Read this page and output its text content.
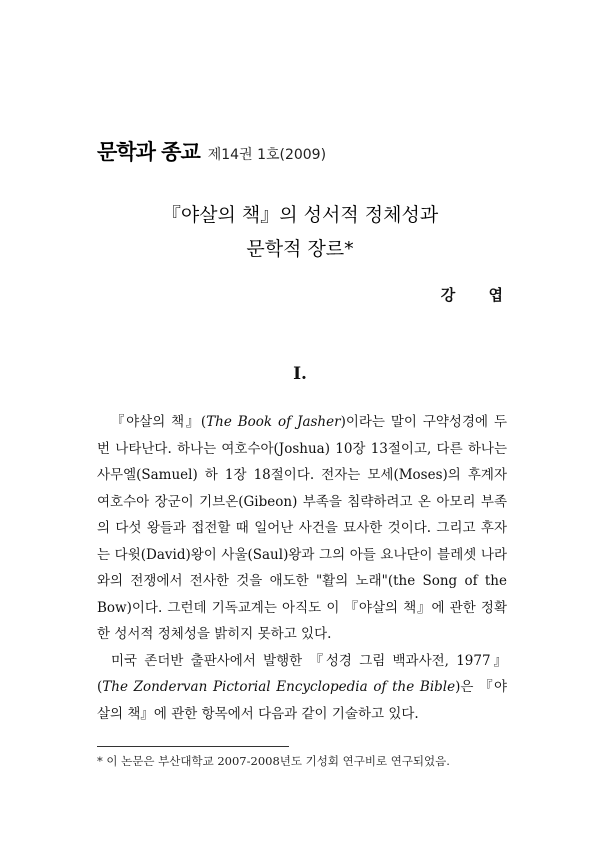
문학과 종교 제14권 1호(2009)
『야살의 책』의 성서적 정체성과
문학적 장르*
강 엽
I.

『야살의 책』(The Book of Jasher)이라는 말이 구약성경에 두 번 나타난다. 하나는 여호수아(Joshua) 10장 13절이고, 다른 하나는 사무엘(Samuel) 하 1장 18절이다. 전자는 모세(Moses)의 후계자 여호수아 장군이 기브온(Gibeon) 부족을 침략하려고 온 아모리 부족의 다섯 왕들과 접전할 때 일어난 사건을 묘사한 것이다. 그리고 후자는 다윗(David)왕이 사울(Saul)왕과 그의 아들 요나단이 블레셋 나라와의 전쟁에서 전사한 것을 애도한 "활의 노래"(the Song of the Bow)이다. 그런데 기독교계는 아직도 이 『야살의 책』에 관한 정확한 성서적 정체성을 밝히지 못하고 있다.

미국 존더반 출판사에서 발행한 『성경 그림 백과사전, 1977』(The Zondervan Pictorial Encyclopedia of the Bible)은 『야살의 책』에 관한 항목에서 다음과 같이 기술하고 있다.

* 이 논문은 부산대학교 2007-2008년도 기성회 연구비로 연구되었음.
